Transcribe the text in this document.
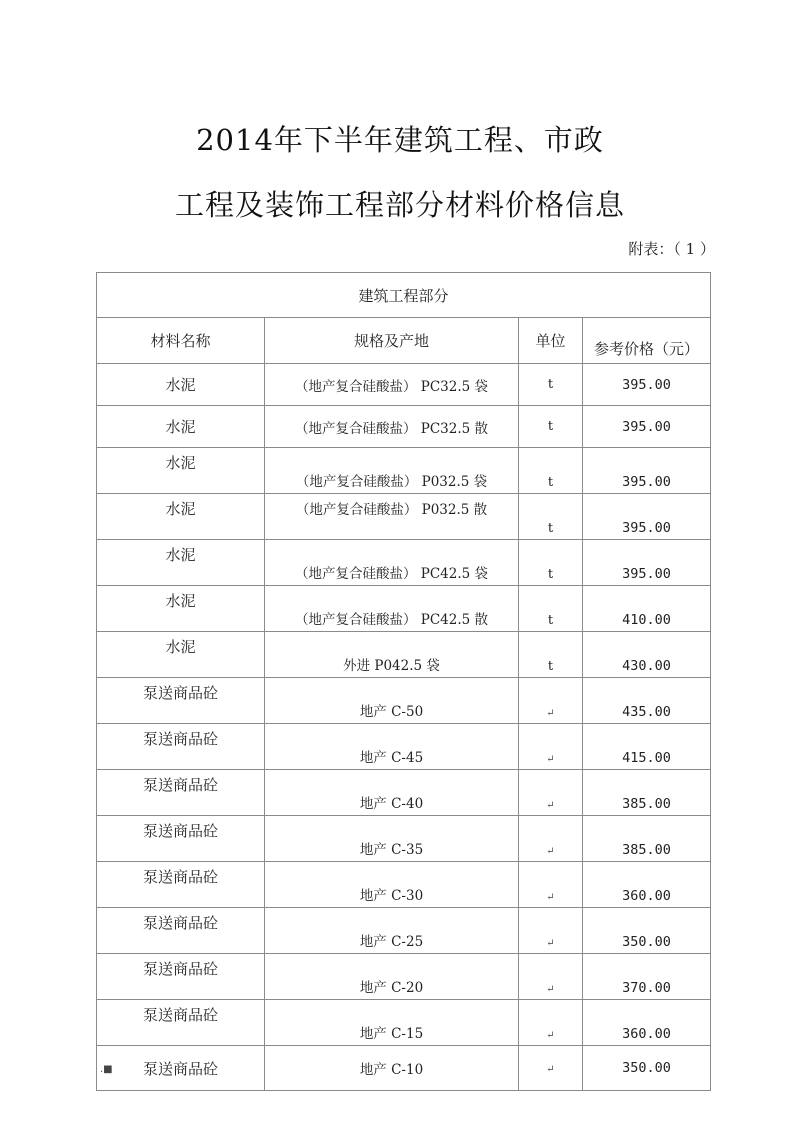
2014年下半年建筑工程、市政
工程及装饰工程部分材料价格信息
附表：（ 1 ）
建筑工程部分			
材料名称	规格及产地	单位	参考价格（元）
水泥	（地产复合硅酸盐） PC32.5 袋	t	395.00
水泥	（地产复合硅酸盐） PC32.5 散	t	395.00
水泥	（地产复合硅酸盐） P032.5 袋	t	395.00
水泥	（地产复合硅酸盐） P032.5 散	t	395.00
水泥	（地产复合硅酸盐） PC42.5 袋	t	395.00
水泥	（地产复合硅酸盐） PC42.5 散	t	410.00
水泥	外进 P042.5 袋	t	430.00
泵送商品砼	地产 C-50	↵	435.00
泵送商品砼	地产 C-45	↵	415.00
泵送商品砼	地产 C-40	↵	385.00
泵送商品砼	地产 C-35	↵	385.00
泵送商品砼	地产 C-30	↵	360.00
泵送商品砼	地产 C-25	↵	350.00
泵送商品砼	地产 C-20	↵	370.00
泵送商品砼	地产 C-15	↵	360.00
泵送商品砼	地产 C-10	↵	350.00
.■
